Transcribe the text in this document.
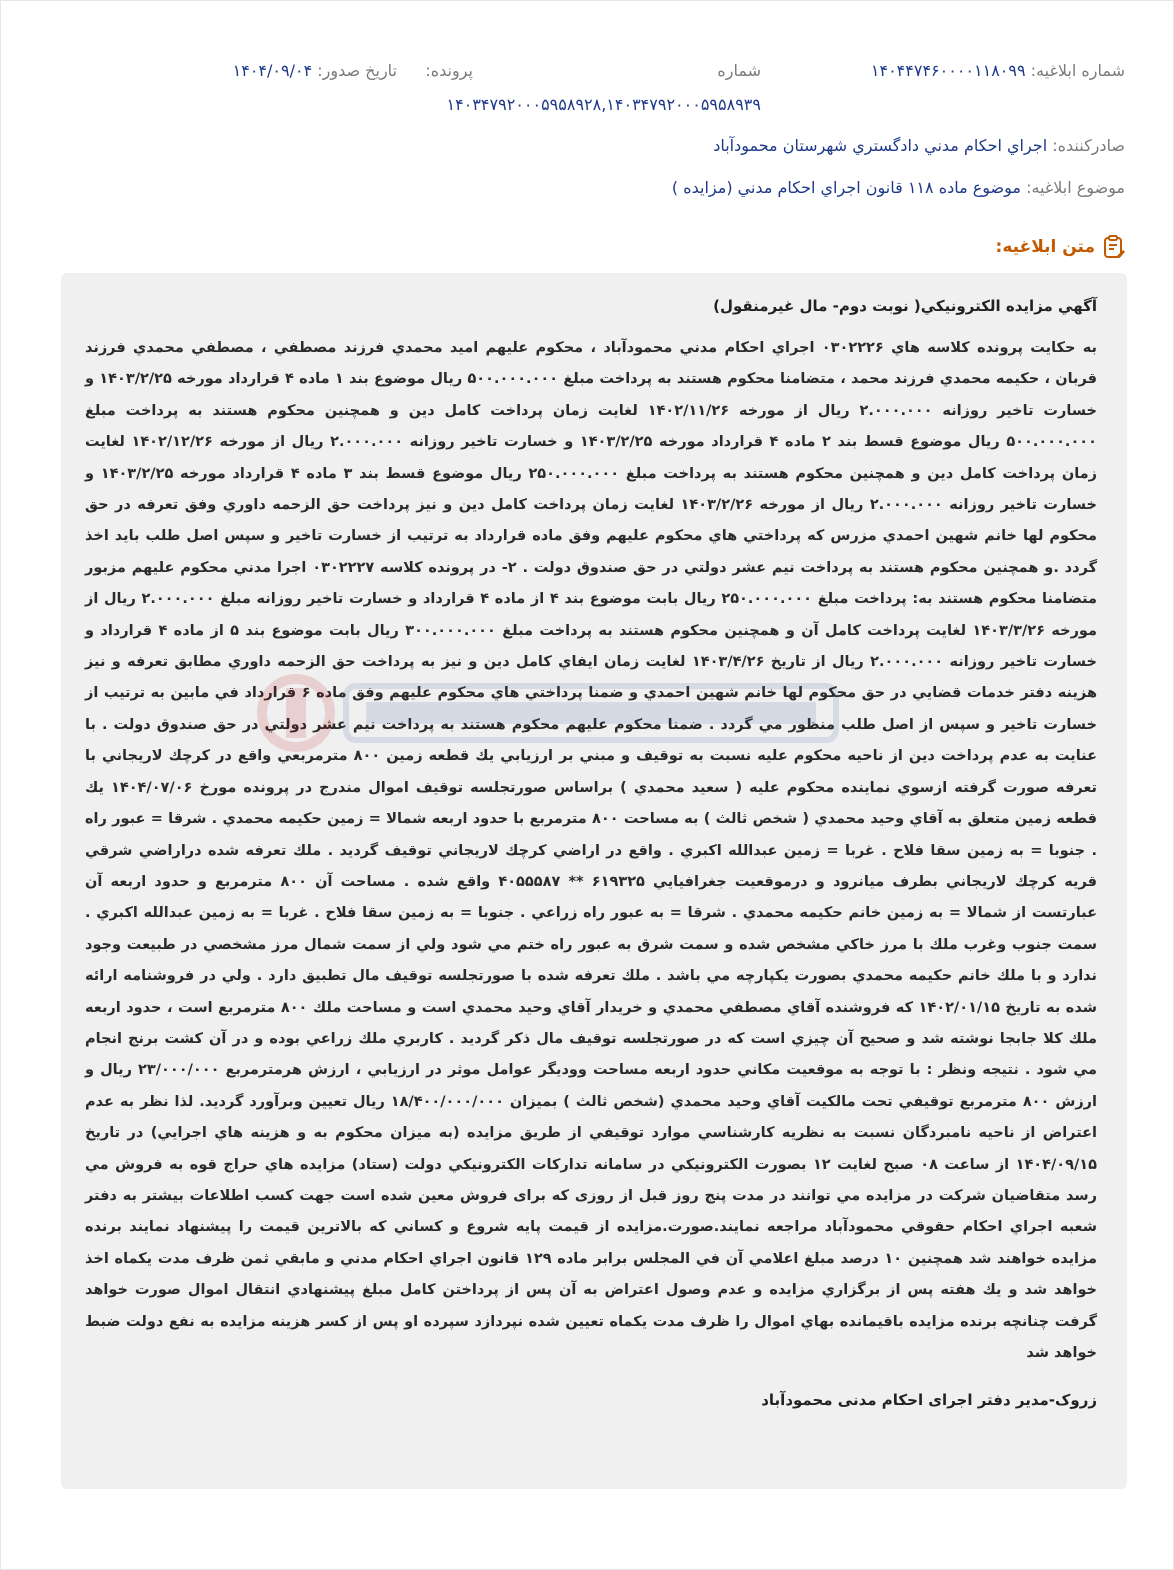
شماره ابلاغيه: ۱۴۰۴۴۷۴۶۰۰۰۰۱۱۸۰۹۹
شماره
پرونده:
تاريخ صدور: ۱۴۰۴/۰۹/۰۴
۱۴۰۳۴۷۹۲۰۰۰۵۹۵۸۹۲۸,۱۴۰۳۴۷۹۲۰۰۰۵۹۵۸۹۳۹
صادرکننده: اجراي احکام مدني دادگستري شهرستان محمودآباد
موضوع ابلاغيه: موضوع ماده ۱۱۸ قانون اجراي احکام مدني (مزايده )
متن ابلاغيه:
آگهي مزايده الکترونيکي( نوبت دوم- مال غيرمنقول)
به حکايت پرونده کلاسه هاي ۰۳۰۲۲۲۶ اجراي احکام مدني محمودآباد ، محکوم عليهم اميد محمدي فرزند مصطفي ، مصطفي محمدي فرزند قربان ، حکيمه محمدي فرزند محمد ، متضامنا محکوم هستند به پرداخت مبلغ ۵۰۰.۰۰۰.۰۰۰ ريال موضوع بند ۱ ماده ۴ قرارداد مورخه ۱۴۰۳/۲/۲۵ و خسارت تاخير روزانه ۲.۰۰۰.۰۰۰ ريال از مورخه ۱۴۰۲/۱۱/۲۶ لغايت زمان پرداخت کامل دين و همچنين محکوم هستند به پرداخت مبلغ ۵۰۰.۰۰۰.۰۰۰ ريال موضوع قسط بند ۲ ماده ۴ قرارداد مورخه ۱۴۰۳/۲/۲۵ و خسارت تاخير روزانه ۲.۰۰۰.۰۰۰ ريال از مورخه ۱۴۰۲/۱۲/۲۶ لغايت زمان پرداخت کامل دين و همچنين محکوم هستند به پرداخت مبلغ ۲۵۰.۰۰۰.۰۰۰ ريال موضوع قسط بند ۳ ماده ۴ قرارداد مورخه ۱۴۰۳/۲/۲۵ و خسارت تاخير روزانه ۲.۰۰۰.۰۰۰ ريال از مورخه ۱۴۰۳/۲/۲۶ لغايت زمان پرداخت کامل دين و نيز پرداخت حق الزحمه داوري وفق تعرفه در حق محکوم لها خانم شهين احمدي مزرس که پرداختي هاي محکوم عليهم وفق ماده قرارداد به ترتيب از خسارت تاخير و سپس اصل طلب بايد اخذ گردد .و همچنين محکوم هستند به پرداخت نيم عشر دولتي در حق صندوق دولت . ۲- در پرونده کلاسه ۰۳۰۲۲۲۷ اجرا مدني محکوم عليهم مزبور متضامنا محکوم هستند به: پرداخت مبلغ ۲۵۰.۰۰۰.۰۰۰ ريال بابت موضوع بند ۴ از ماده ۴ قرارداد و خسارت تاخير روزانه مبلغ ۲.۰۰۰.۰۰۰ ريال از مورخه ۱۴۰۳/۳/۲۶ لغايت پرداخت کامل آن و همچنين محکوم هستند به پرداخت مبلغ ۳۰۰.۰۰۰.۰۰۰ ريال بابت موضوع بند ۵ از ماده ۴ قرارداد و خسارت تاخير روزانه ۲.۰۰۰.۰۰۰ ريال از تاريخ ۱۴۰۳/۴/۲۶ لغايت زمان ايفاي کامل دين و نيز به پرداخت حق الزحمه داوري مطابق تعرفه و نيز هزينه دفتر خدمات قضايي در حق محکوم لها خانم شهين احمدي و ضمنا پرداختي هاي محکوم عليهم وفق ماده ۶ قرارداد في مابين به ترتيب از خسارت تاخير و سپس از اصل طلب منظور مي گردد . ضمنا محکوم عليهم محکوم هستند به پرداخت نيم عشر دولتي در حق صندوق دولت . با عنايت به عدم پرداخت دين از ناحيه محکوم عليه نسبت به توقيف و مبني بر ارزيابي يك قطعه زمين ۸۰۰ مترمربعي واقع در کرچك لاريجاني با تعرفه صورت گرفته ازسوي نماينده محکوم عليه ( سعيد محمدي ) براساس صورتجلسه توقيف اموال مندرج در پرونده مورخ ۱۴۰۴/۰۷/۰۶ يك قطعه زمين متعلق به آقاي وحيد محمدي ( شخص ثالث ) به مساحت ۸۰۰ مترمربع با حدود اربعه شمالا = زمين حکيمه محمدي . شرقا = عبور راه . جنوبا = به زمين سقا فلاح . غربا = زمين عبدالله اکبري . واقع در اراضي کرچك لاريجاني توقيف گرديد . ملك تعرفه شده دراراضي شرقي قريه کرچك لاريجاني بطرف ميانرود و درموقعيت جغرافيايي ۶۱۹۳۲۵ ** ۴۰۵۵۵۸۷ واقع شده . مساحت آن ۸۰۰ مترمربع و حدود اربعه آن عبارتست از شمالا = به زمين خانم حکيمه محمدي . شرقا = به عبور راه زراعي . جنوبا = به زمين سقا فلاح . غربا = به زمين عبدالله اکبري . سمت جنوب وغرب ملك با مرز خاکي مشخص شده و سمت شرق به عبور راه ختم مي شود ولي از سمت شمال مرز مشخصي در طبيعت وجود ندارد و با ملك خانم حکيمه محمدي بصورت يکپارچه مي باشد . ملك تعرفه شده با صورتجلسه توقيف مال تطبيق دارد . ولي در فروشنامه ارائه شده به تاريخ ۱۴۰۲/۰۱/۱۵ که فروشنده آقاي مصطفي محمدي و خريدار آقاي وحيد محمدي است و مساحت ملك ۸۰۰ مترمربع است ، حدود اربعه ملك کلا جابجا نوشته شد و صحيح آن چيزي است که در صورتجلسه توقيف مال ذکر گرديد . کاربري ملك زراعي بوده و در آن کشت برنج انجام مي شود . نتيجه ونظر : با توجه به موقعيت مکاني حدود اربعه مساحت وودیگر عوامل موثر در ارزيابي ، ارزش هرمترمربع ۲۳/۰۰۰/۰۰۰ ريال و ارزش ۸۰۰ مترمربع توقيفي تحت مالکيت آقاي وحيد محمدي (شخص ثالث ) بميزان ۱۸/۴۰۰/۰۰۰/۰۰۰ ريال تعيين وبرآورد گرديد. لذا نظر به عدم اعتراض از ناحيه نامبردگان نسبت به نظريه کارشناسي موارد توقيفي از طريق مزايده (به ميزان محکوم به و هزينه هاي اجرايي) در تاريخ ۱۴۰۴/۰۹/۱۵ از ساعت ۰۸ صبح لغايت ۱۲ بصورت الکترونيکي در سامانه تدارکات الکترونيکي دولت (ستاد) مزايده هاي حراج قوه به فروش مي رسد متقاضيان شرکت در مزايده مي توانند در مدت پنج روز قبل از روزی که برای فروش معين شده است جهت کسب اطلاعات بيشتر به دفتر شعبه اجراي احکام حقوقي محمودآباد مراجعه نمايند.صورت.مزايده از قيمت پايه شروع و کساني که بالاترين قيمت را پيشنهاد نمايند برنده مزايده خواهند شد همچنين ۱۰ درصد مبلغ اعلامي آن في المجلس برابر ماده ۱۲۹ قانون اجراي احکام مدني و مابقي ثمن ظرف مدت يکماه اخذ خواهد شد و يك هفته پس از برگزاري مزايده و عدم وصول اعتراض به آن پس از پرداختن کامل مبلغ پيشنهادي انتقال اموال صورت خواهد گرفت چنانچه برنده مزايده باقيمانده بهاي اموال را ظرف مدت يکماه تعيين شده نپردازد سپرده او پس از کسر هزينه مزايده به نفع دولت ضبط خواهد شد
زروک-مدير دفتر اجرای احکام مدنی محمودآباد
